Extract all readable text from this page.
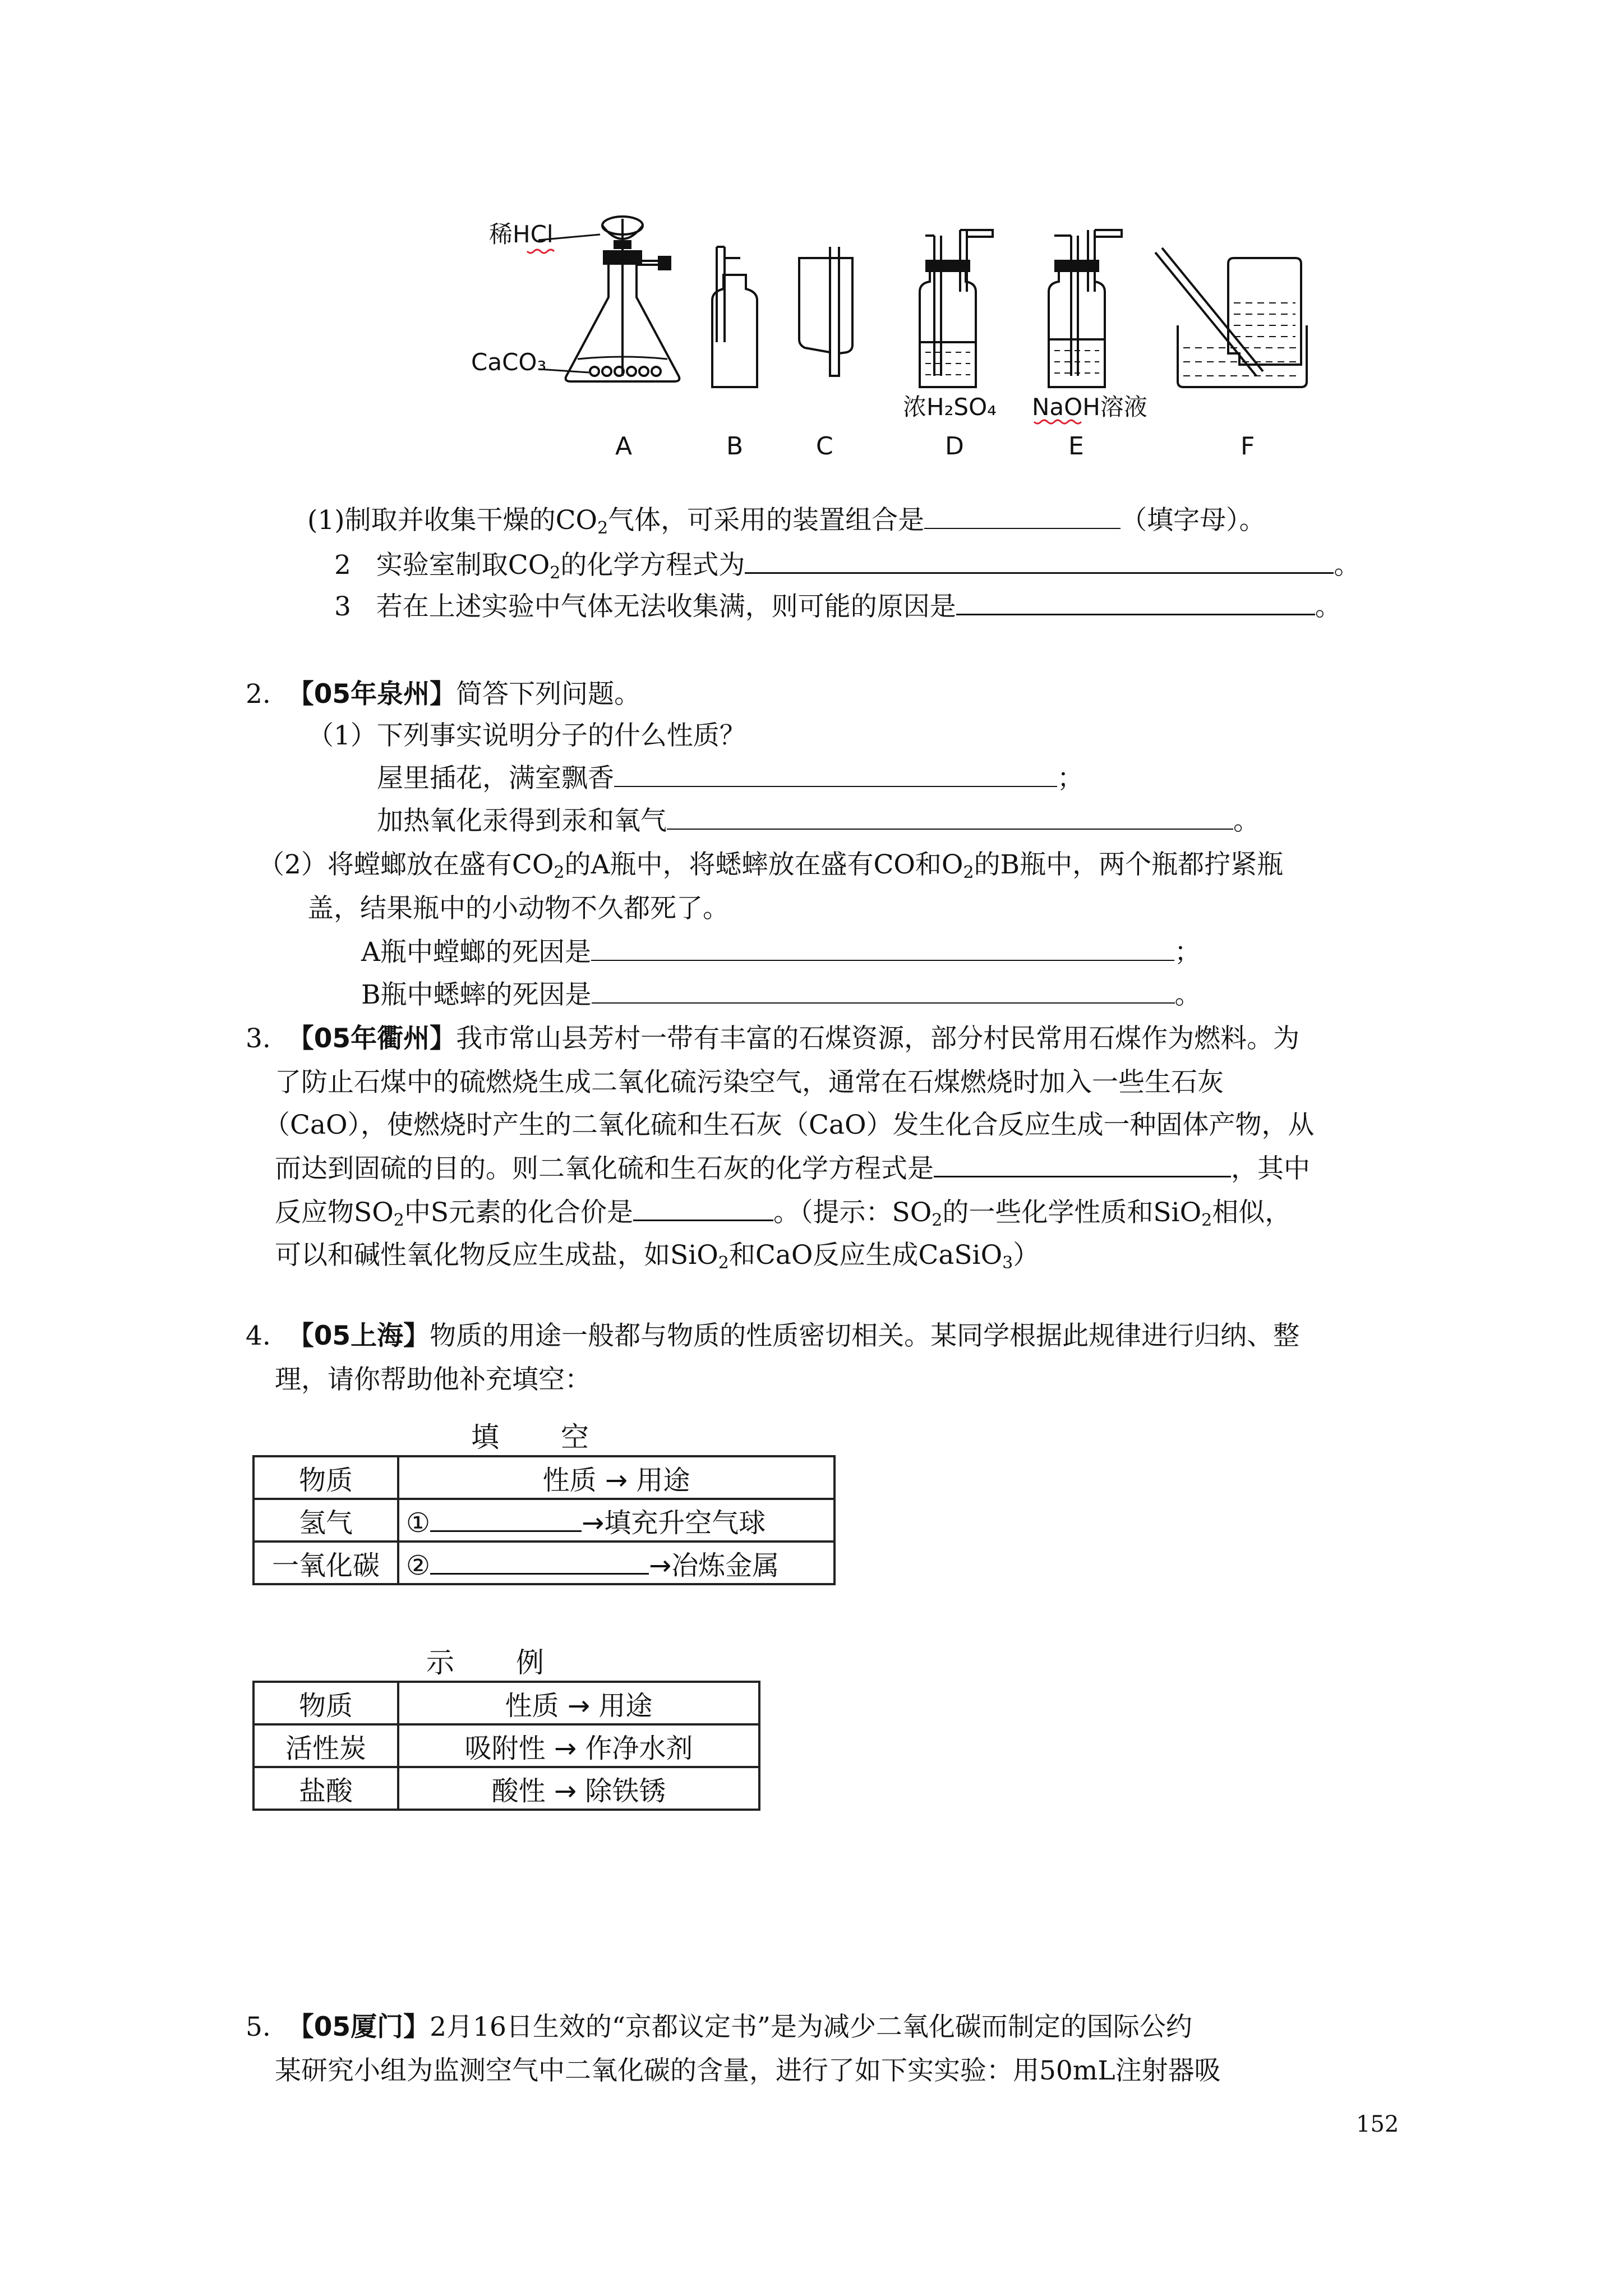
稀HCl
CaCO₃
浓H₂SO₄ NaOH溶液
A	B	C	D	E	F
(1)制取并收集干燥的$CO_2$气体，可采用的装置组合是	（填字母）。
2 实验室制取$CO_2$的化学方程式为	。
3 若在上述实验中气体无法收集满，则可能的原因是	。
2. 【05年泉州】简答下列问题。
（1）下列事实说明分子的什么性质？
屋里插花，满室飘香	；
加热氧化汞得到汞和氧气	。
（2）将螳螂放在盛有$CO_2$的A瓶中，将蟋蟀放在盛有CO和$O_2$的B瓶中，两个瓶都拧紧瓶
盖，结果瓶中的小动物不久都死了。
A瓶中螳螂的死因是	；
B瓶中蟋蟀的死因是	。
3. 【05年衢州】我市常山县芳村一带有丰富的石煤资源，部分村民常用石煤作为燃料。为
了防止石煤中的硫燃烧生成二氧化硫污染空气，通常在石煤燃烧时加入一些生石灰
（CaO），使燃烧时产生的二氧化硫和生石灰（CaO）发生化合反应生成一种固体产物，从
而达到固硫的目的。则二氧化硫和生石灰的化学方程式是	，其中
反应物$SO_2$中S元素的化合价是	。（提示：$SO_2$的一些化学性质和SiO$_2$相似，
可以和碱性氧化物反应生成盐，如SiO$_2$和CaO反应生成CaSiO$_3$）
4. 【05上海】物质的用途一般都与物质的性质密切相关。某同学根据此规律进行归纳、整
理，请你帮助他补充填空：
填空
物质	性质 → 用途
氢气	① →填充升空气球
一氧化碳	② →冶炼金属
示例
物质	性质 → 用途
活性炭	吸附性 → 作净水剂
盐酸	酸性 → 除铁锈
5. 【05厦门】2月16日生效的“京都议定书”是为减少二氧化碳而制定的国际公约
某研究小组为监测空气中二氧化碳的含量，进行了如下实实验：用50mL注射器吸
152
